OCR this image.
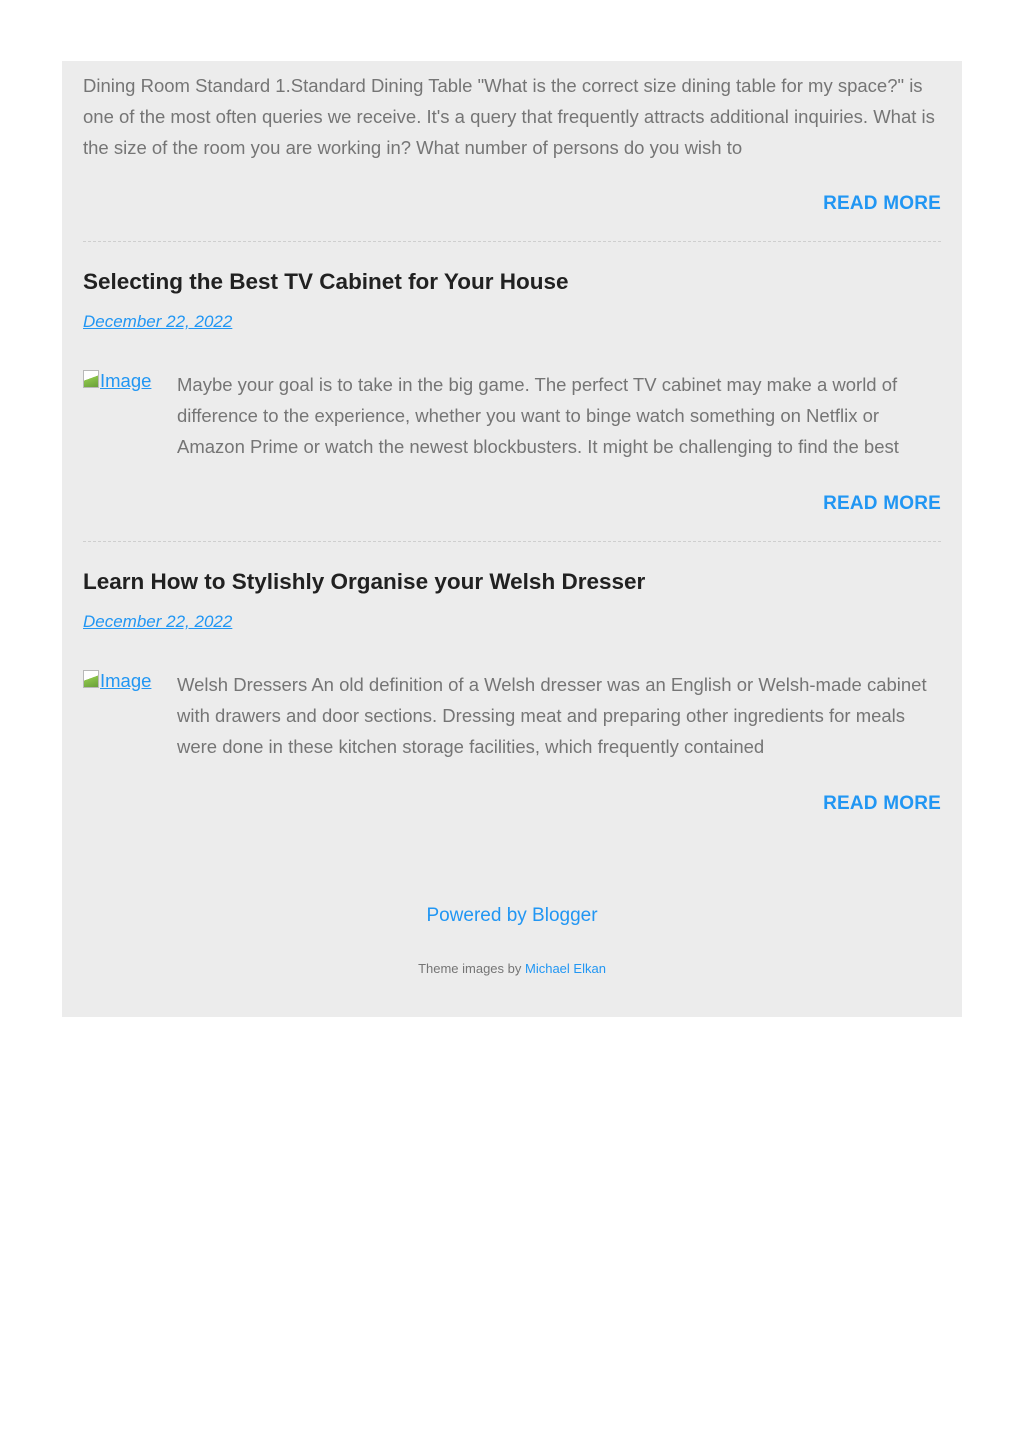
Dining Room Standard 1.Standard Dining Table "What is the correct size dining table for my space?" is one of the most often queries we receive. It's a query that frequently attracts additional inquiries. What is the size of the room you are working in? What number of persons do you wish to

READ MORE
Selecting the Best TV Cabinet for Your House
December 22, 2022
Image Maybe your goal is to take in the big game. The perfect TV cabinet may make a world of difference to the experience, whether you want to binge watch something on Netflix or Amazon Prime or watch the newest blockbusters. It might be challenging to find the best

READ MORE
Learn How to Stylishly Organise your Welsh Dresser
December 22, 2022
Image Welsh Dressers An old definition of a Welsh dresser was an English or Welsh-made cabinet with drawers and door sections. Dressing meat and preparing other ingredients for meals were done in these kitchen storage facilities, which frequently contained

READ MORE
Powered by Blogger
Theme images by Michael Elkan
